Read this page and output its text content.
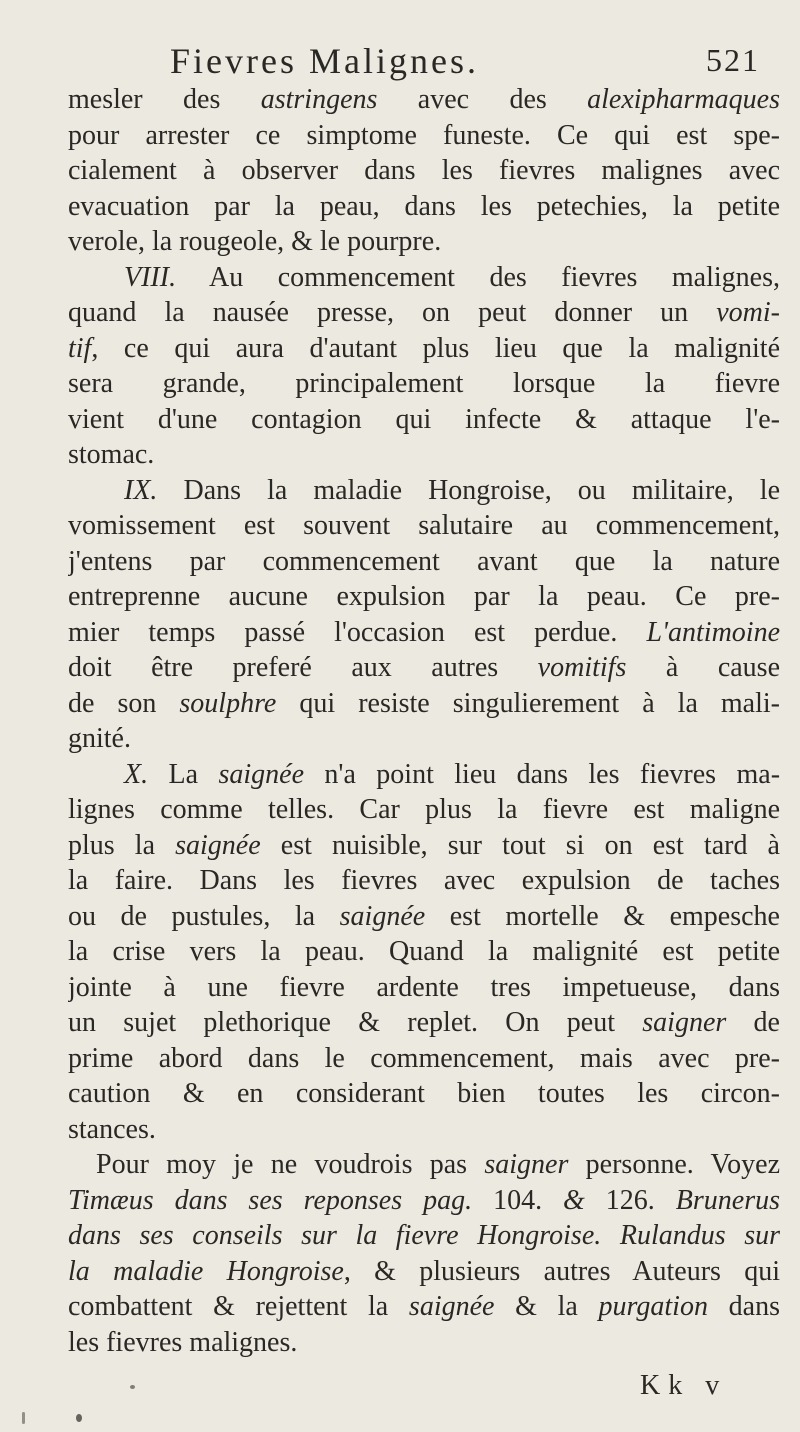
Fievres Malignes.	521
mesler des astringens avec des alexipharmaques
pour arrester ce simptome funeste. Ce qui est spe-
cialement à observer dans les fievres malignes avec
evacuation par la peau, dans les petechies, la petite
verole, la rougeole, & le pourpre.
VIII. Au commencement des fievres malignes,
quand la nausée presse, on peut donner un vomi-
tif, ce qui aura d'autant plus lieu que la malignité
sera grande, principalement lorsque la fievre
vient d'une contagion qui infecte & attaque l'e-
stomac.
IX. Dans la maladie Hongroise, ou militaire, le
vomissement est souvent salutaire au commencement,
j'entens par commencement avant que la nature
entreprenne aucune expulsion par la peau. Ce pre-
mier temps passé l'occasion est perdue. L'antimoine
doit être preferé aux autres vomitifs à cause
de son soulphre qui resiste singulierement à la mali-
gnité.
X. La saignée n'a point lieu dans les fievres ma-
lignes comme telles. Car plus la fievre est maligne
plus la saignée est nuisible, sur tout si on est tard à
la faire. Dans les fievres avec expulsion de taches
ou de pustules, la saignée est mortelle & empesche
la crise vers la peau. Quand la malignité est petite
jointe à une fievre ardente tres impetueuse, dans
un sujet plethorique & replet. On peut saigner de
prime abord dans le commencement, mais avec pre-
caution & en considerant bien toutes les circon-
stances.
Pour moy je ne voudrois pas saigner personne. Voyez
Timæus dans ses reponses pag. 104. & 126. Brunerus
dans ses conseils sur la fievre Hongroise. Rulandus sur
la maladie Hongroise, & plusieurs autres Auteurs qui
combattent & rejettent la saignée & la purgation dans
les fievres malignes.
Kk v
